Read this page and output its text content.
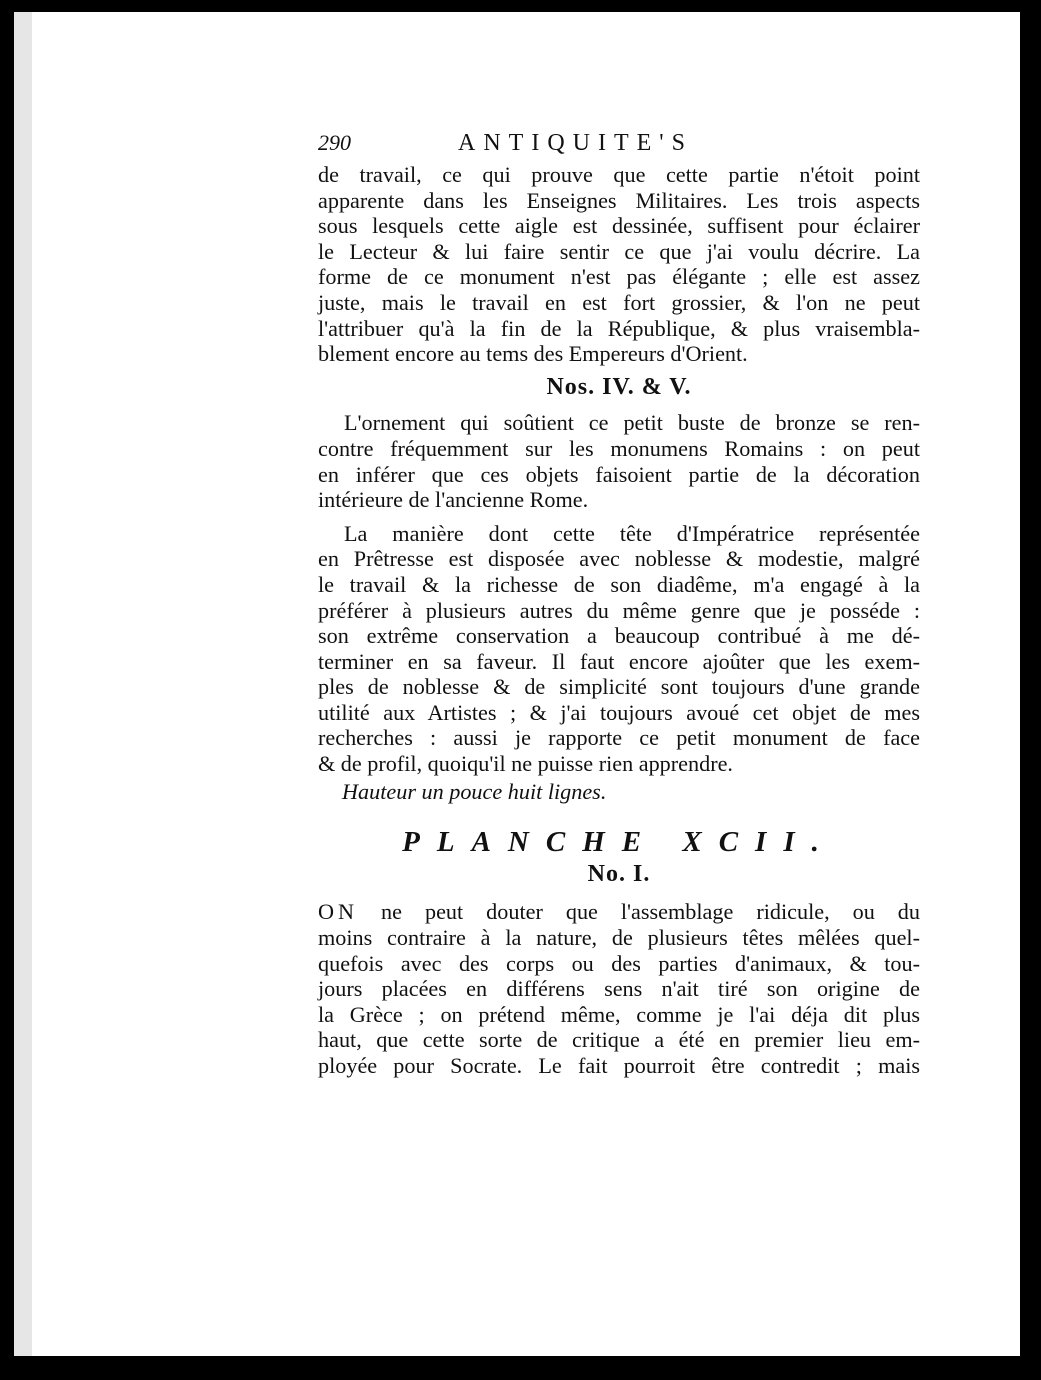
290	ANTIQUITE'S
de travail, ce qui prouve que cette partie n'étoit point
apparente dans les Enseignes Militaires. Les trois aspects
sous lesquels cette aigle est dessinée, suffisent pour éclairer
le Lecteur & lui faire sentir ce que j'ai voulu décrire. La
forme de ce monument n'est pas élégante ; elle est assez
juste, mais le travail en est fort grossier, & l'on ne peut
l'attribuer qu'à la fin de la République, & plus vraisembla-
blement encore au tems des Empereurs d'Orient.
Nos. IV. & V.
L'ornement qui soûtient ce petit buste de bronze se ren-
contre fréquemment sur les monumens Romains : on peut
en inférer que ces objets faisoient partie de la décoration
intérieure de l'ancienne Rome.
La manière dont cette tête d'Impératrice représentée
en Prêtresse est disposée avec noblesse & modestie, malgré
le travail & la richesse de son diadême, m'a engagé à la
préférer à plusieurs autres du même genre que je posséde :
son extrême conservation a beaucoup contribué à me dé-
terminer en sa faveur. Il faut encore ajoûter que les exem-
ples de noblesse & de simplicité sont toujours d'une grande
utilité aux Artistes ; & j'ai toujours avoué cet objet de mes
recherches : aussi je rapporte ce petit monument de face
& de profil, quoiqu'il ne puisse rien apprendre.
Hauteur un pouce huit lignes.
PLANCHE XCII.
No. I.
ON ne peut douter que l'assemblage ridicule, ou du
moins contraire à la nature, de plusieurs têtes mêlées quel-
quefois avec des corps ou des parties d'animaux, & tou-
jours placées en différens sens n'ait tiré son origine de
la Grèce ; on prétend même, comme je l'ai déja dit plus
haut, que cette sorte de critique a été en premier lieu em-
ployée pour Socrate. Le fait pourroit être contredit ; mais
